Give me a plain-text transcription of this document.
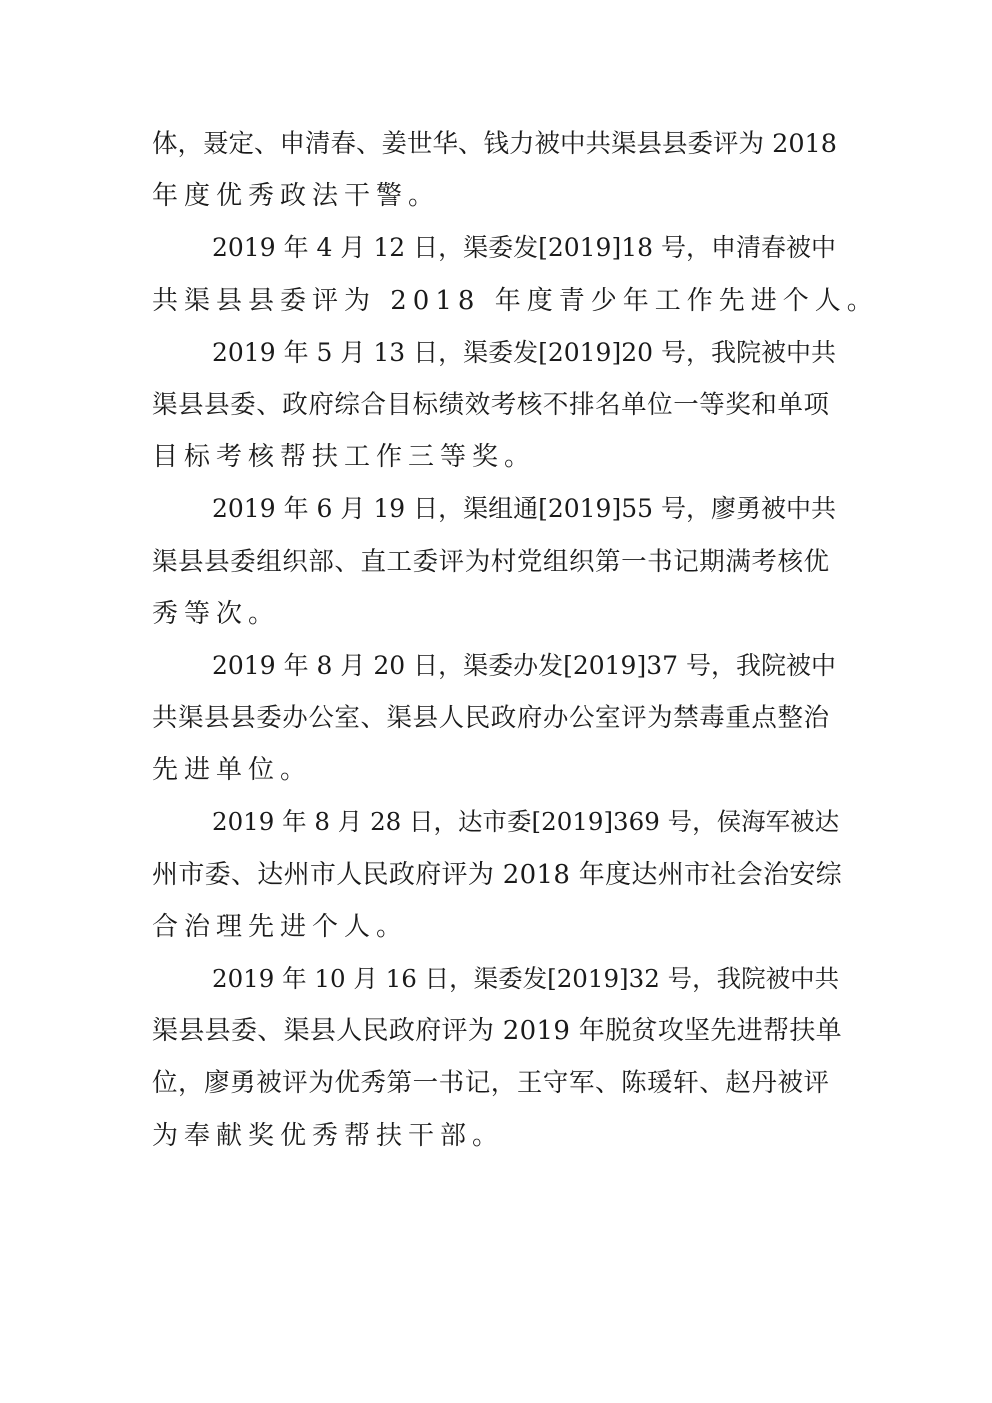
体，聂定、申清春、姜世华、钱力被中共渠县县委评为 2018
年度优秀政法干警。
2019 年 4 月 12 日，渠委发[2019]18 号，申清春被中
共渠县县委评为 2018 年度青少年工作先进个人。
2019 年 5 月 13 日，渠委发[2019]20 号，我院被中共
渠县县委、政府综合目标绩效考核不排名单位一等奖和单项
目标考核帮扶工作三等奖。
2019 年 6 月 19 日，渠组通[2019]55 号，廖勇被中共
渠县县委组织部、直工委评为村党组织第一书记期满考核优
秀等次。
2019 年 8 月 20 日，渠委办发[2019]37 号，我院被中
共渠县县委办公室、渠县人民政府办公室评为禁毒重点整治
先进单位。
2019 年 8 月 28 日，达市委[2019]369 号，侯海军被达
州市委、达州市人民政府评为 2018 年度达州市社会治安综
合治理先进个人。
2019 年 10 月 16 日，渠委发[2019]32 号，我院被中共
渠县县委、渠县人民政府评为 2019 年脱贫攻坚先进帮扶单
位，廖勇被评为优秀第一书记，王守军、陈瑗轩、赵丹被评
为奉献奖优秀帮扶干部。
